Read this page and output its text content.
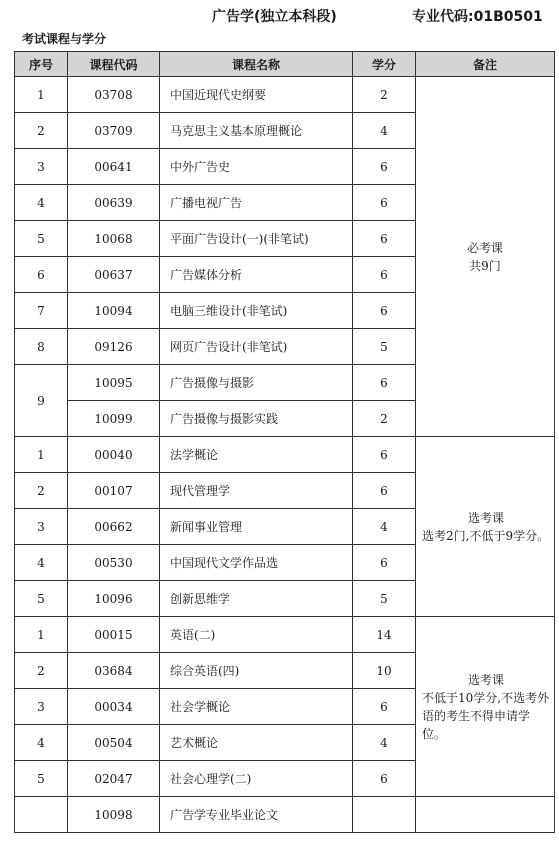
广告学(独立本科段)	专业代码:01B0501
考试课程与学分
序号	课程代码	课程名称	学分	备注
1	03708	中国近现代史纲要	2	必考课
共9门

2	03709	马克思主义基本原理概论	4	
3	00641	中外广告史	6	
4	00639	广播电视广告	6	
5	10068	平面广告设计(一)(非笔试)	6	
6	00637	广告媒体分析	6	
7	10094	电脑三维设计(非笔试)	6	
8	09126	网页广告设计(非笔试)	5	
9	10095	广告摄像与摄影	6	
	10099	广告摄像与摄影实践	2	
1	00040	法学概论	6	选考课
选考2门,不低于9学分。
2	00107	现代管理学	6	
3	00662	新闻事业管理	4	
4	00530	中国现代文学作品选	6	
5	10096	创新思维学	5	
1	00015	英语(二)	14	选考课
不低于10学分,不选考外语的考生不得申请学位。
2	03684	综合英语(四)	10	
3	00034	社会学概论	6	
4	00504	艺术概论	4	
5	02047	社会心理学(二)	6	
	10098	广告学专业毕业论文		
